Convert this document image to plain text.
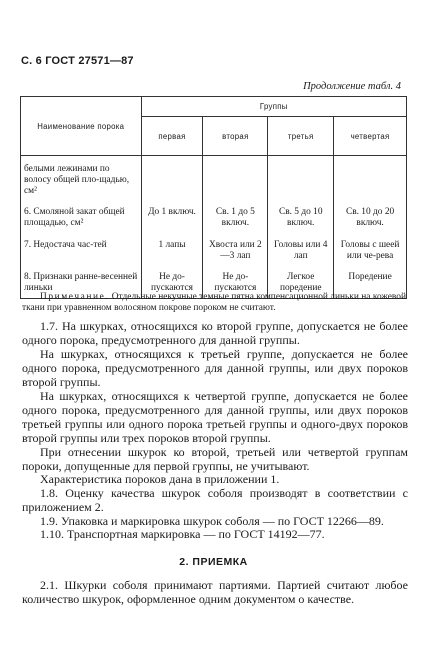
С. 6 ГОСТ 27571—87
Продолжение табл. 4
Наименование порока	Группы			
	первая	вторая	третья	четвертая
белыми лежинами по волосу общей пло-щадью, см²				
6. Смоляной закат общей площадью, см²	До 1 включ.	Св. 1 до 5 включ.	Св. 5 до 10 включ.	Св. 10 до 20 включ.
7. Недостача час-тей	1 лапы	Хвоста или 2—3 лап	Головы или 4 лап	Головы с шеей или че-рева
8. Признаки ранне-весенней линьки	Не до-пускаются	Не до-пускаются	Легкое поредение	Поредение
Примечание. Отдельные некучные темные пятна компенсационной линьки на кожевой ткани при уравненном волосяном покрове пороком не считают.

1.7. На шкурках, относящихся ко второй группе, допускается не более одного порока, предусмотренного для данной группы.

На шкурках, относящихся к третьей группе, допускается не более одного порока, предусмотренного для данной группы, или двух пороков второй группы.

На шкурках, относящихся к четвертой группе, допускается не более одного порока, предусмотренного для данной группы, или двух пороков третьей группы или одного порока третьей группы и одного-двух пороков второй группы или трех пороков второй группы.

При отнесении шкурок ко второй, третьей или четвертой группам пороки, допущенные для первой группы, не учитывают.

Характеристика пороков дана в приложении 1.

1.8. Оценку качества шкурок соболя производят в соответствии с приложением 2.

1.9. Упаковка и маркировка шкурок соболя — по ГОСТ 12266—89.

1.10. Транспортная маркировка — по ГОСТ 14192—77.

2. ПРИЕМКА

2.1. Шкурки соболя принимают партиями. Партией считают любое количество шкурок, оформленное одним документом о качестве.
